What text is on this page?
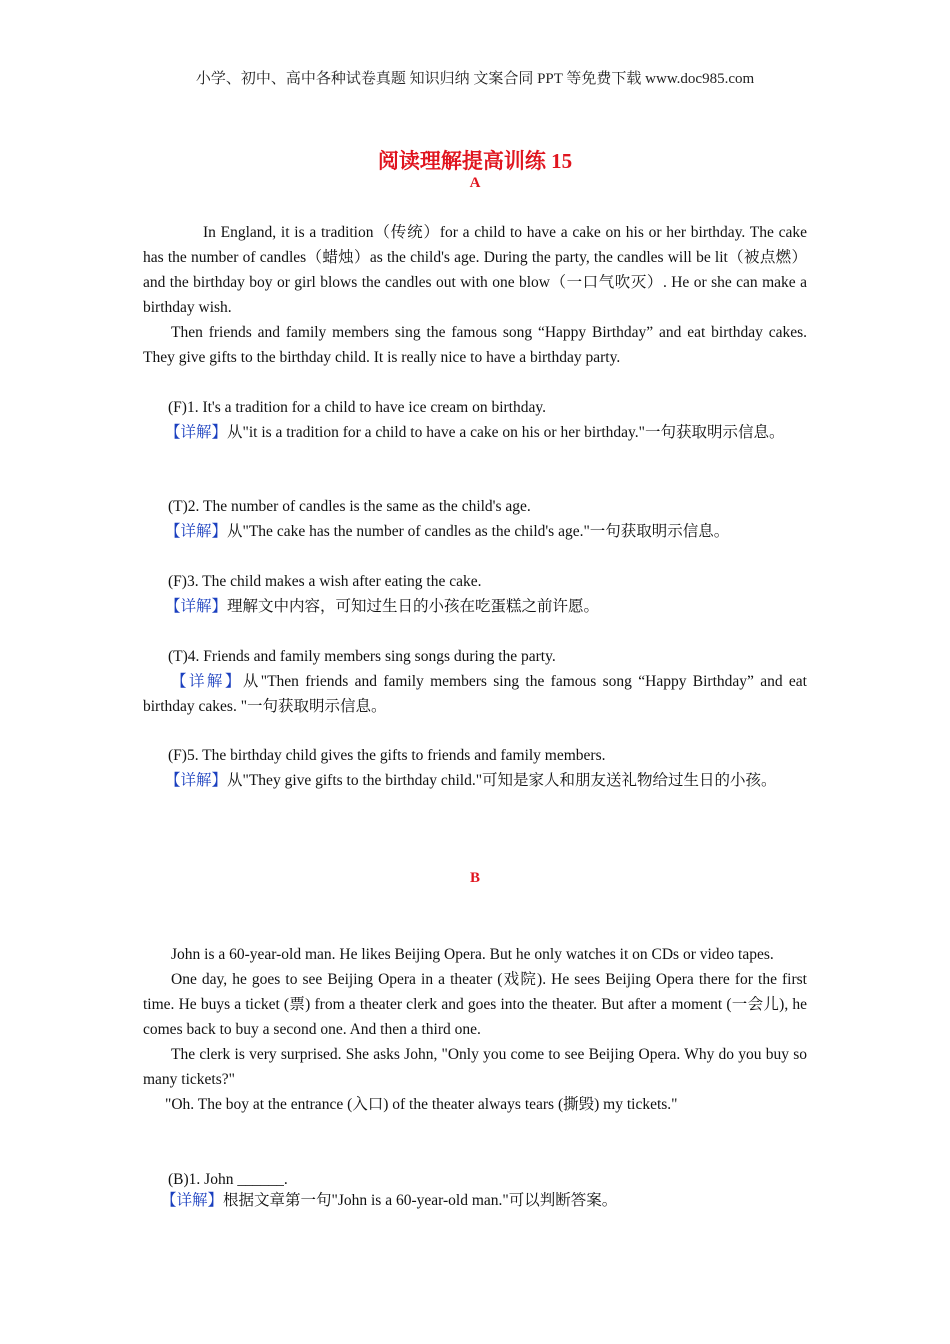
小学、初中、高中各种试卷真题 知识归纳 文案合同 PPT 等免费下载 www.doc985.com
阅读理解提高训练 15
A

In England, it is a tradition（传统）for a child to have a cake on his or her birthday. The cake has the number of candles（蜡烛）as the child's age. During the party, the candles will be lit（被点燃）and the birthday boy or girl blows the candles out with one blow（一口气吹灭）. He or she can make a birthday wish.

Then friends and family members sing the famous song “Happy Birthday” and eat birthday cakes. They give gifts to the birthday child. It is really nice to have a birthday party.

(F)1. It's a tradition for a child to have ice cream on birthday.
【详解】从"it is a tradition for a child to have a cake on his or her birthday."一句获取明示信息。
(T)2. The number of candles is the same as the child's age.
【详解】从"The cake has the number of candles as the child's age."一句获取明示信息。
(F)3. The child makes a wish after eating the cake.
【详解】理解文中内容，可知过生日的小孩在吃蛋糕之前许愿。
(T)4. Friends and family members sing songs during the party.
【详解】从"Then friends and family members sing the famous song “Happy Birthday” and eat birthday cakes. "一句获取明示信息。
(F)5. The birthday child gives the gifts to friends and family members.
【详解】从"They give gifts to the birthday child."可知是家人和朋友送礼物给过生日的小孩。
B

John is a 60-year-old man. He likes Beijing Opera. But he only watches it on CDs or video tapes.

One day, he goes to see Beijing Opera in a theater (戏院). He sees Beijing Opera there for the first time. He buys a ticket (票) from a theater clerk and goes into the theater. But after a moment (一会儿), he comes back to buy a second one. And then a third one.

The clerk is very surprised. She asks John, "Only you come to see Beijing Opera. Why do you buy so many tickets?"

"Oh. The boy at the entrance (入口) of the theater always tears (撕毁) my tickets."

(B)1. John ______.
【详解】根据文章第一句"John is a 60-year-old man."可以判断答案。
